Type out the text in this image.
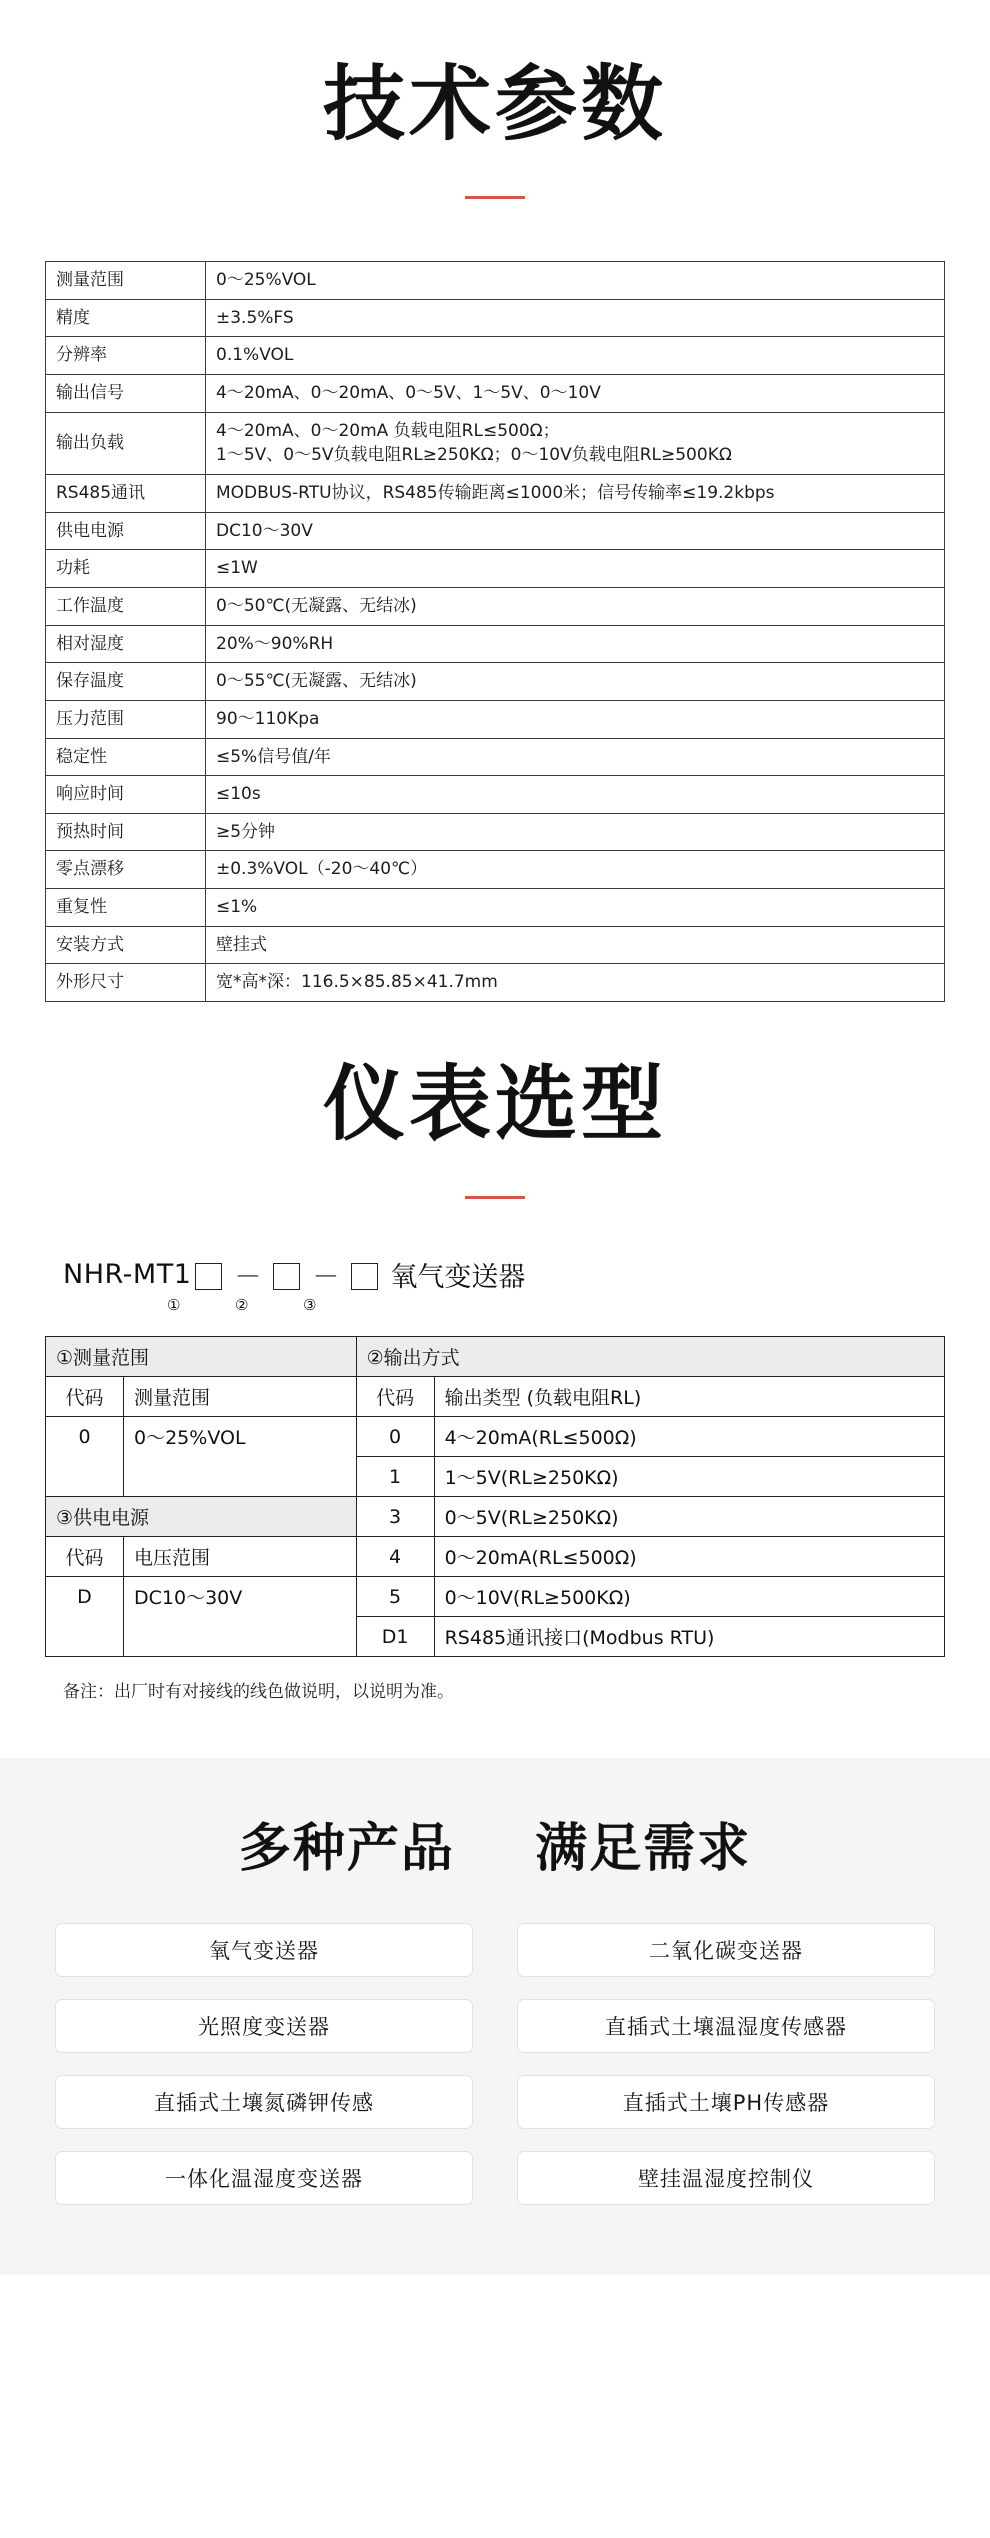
技术参数
测量范围	0～25%VOL
精度	±3.5%FS
分辨率	0.1%VOL
输出信号	4～20mA、0～20mA、0～5V、1～5V、0～10V
输出负载	4～20mA、0～20mA 负载电阻RL≤500Ω；
1～5V、0～5V负载电阻RL≥250KΩ；0～10V负载电阻RL≥500KΩ

RS485通讯	MODBUS-RTU协议，RS485传输距离≤1000米；信号传输率≤19.2kbps
供电电源	DC10～30V
功耗	≤1W
工作温度	0～50℃(无凝露、无结冰)
相对湿度	20%～90%RH
保存温度	0～55℃(无凝露、无结冰)
压力范围	90～110Kpa
稳定性	≤5%信号值/年
响应时间	≤10s
预热时间	≥5分钟
零点漂移	±0.3%VOL（-20～40℃）
重复性	≤1%
安装方式	壁挂式
外形尺寸	宽*高*深：116.5×85.85×41.7mm
仪表选型
NHR-MT1 － － 氧气变送器
①	②	③
①测量范围		②输出方式	
代码	测量范围	代码	输出类型 (负载电阻RL)
0	0～25%VOL	0	4～20mA(RL≤500Ω)
		1	1～5V(RL≥250KΩ)
③供电电源		3	0～5V(RL≥250KΩ)
代码	电压范围	4	0～20mA(RL≤500Ω)
D	DC10～30V	5	0～10V(RL≥500KΩ)
		D1	RS485通讯接口(Modbus RTU)
备注：出厂时有对接线的线色做说明，以说明为准。
多种产品 满足需求
氧气变送器	二氧化碳变送器
光照度变送器	直插式土壤温湿度传感器
直插式土壤氮磷钾传感	直插式土壤PH传感器
一体化温湿度变送器	壁挂温湿度控制仪
